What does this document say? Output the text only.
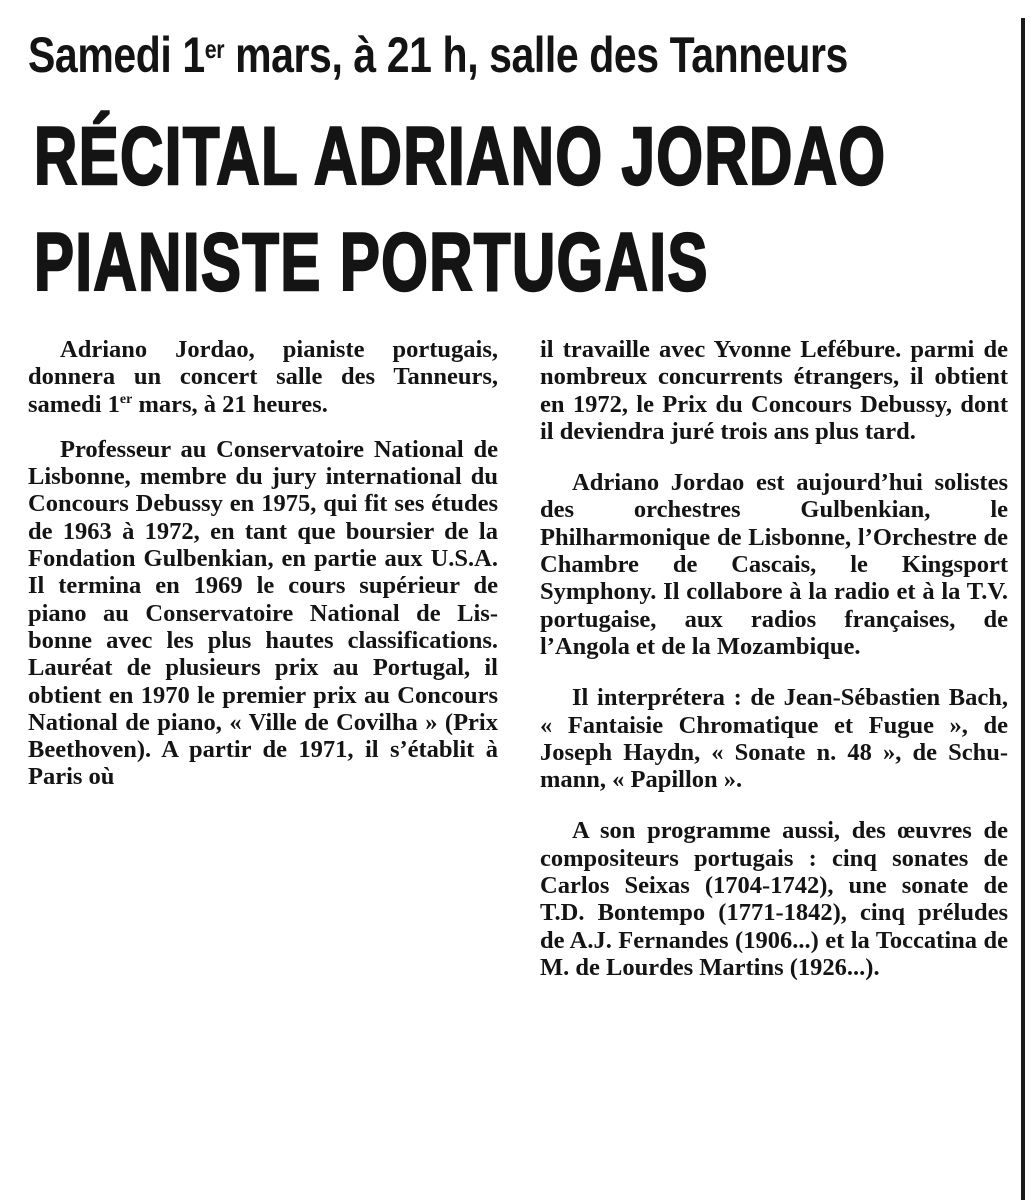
Samedi 1er mars, à 21 h, salle des Tanneurs
RÉCITAL ADRIANO JORDAO
PIANISTE PORTUGAIS

Adriano Jordao, pianiste portugais, donnera un concert salle des Tanneurs, samedi 1er mars, à 21 heures.

Professeur au Conservatoire National de Lisbonne, membre du jury international du Concours Debussy en 1975, qui fit ses études de 1963 à 1972, en tant que boursier de la Fondation Gulbenkian, en partie aux U.S.A. Il termina en 1969 le cours supérieur de piano au Conservatoire National de Lisbonne avec les plus hautes classifications. Lauréat de plusieurs prix au Portugal, il obtient en 1970 le premier prix au Concours National de piano, « Ville de Covilha » (Prix Beethoven). A partir de 1971, il s’établit à Paris où

il travaille avec Yvonne Lefébure. parmi de nombreux concurrents étrangers, il obtient en 1972, le Prix du Concours Debussy, dont il deviendra juré trois ans plus tard.

Adriano Jordao est aujourd’hui solistes des orchestres Gulbenkian, le Philharmonique de Lisbonne, l’Orchestre de Chambre de Cascais, le Kingsport Symphony. Il collabore à la radio et à la T.V. portugaise, aux radios françaises, de l’Angola et de la Mozambique.

Il interprétera : de Jean-Sébastien Bach, « Fantaisie Chromatique et Fugue », de Joseph Haydn, « Sonate n. 48 », de Schumann, « Papillon ».

A son programme aussi, des œuvres de compositeurs portugais : cinq sonates de Carlos Seixas (1704-1742), une sonate de T.D. Bontempo (1771-1842), cinq préludes de A.J. Fernandes (1906...) et la Toccatina de M. de Lourdes Martins (1926...).
